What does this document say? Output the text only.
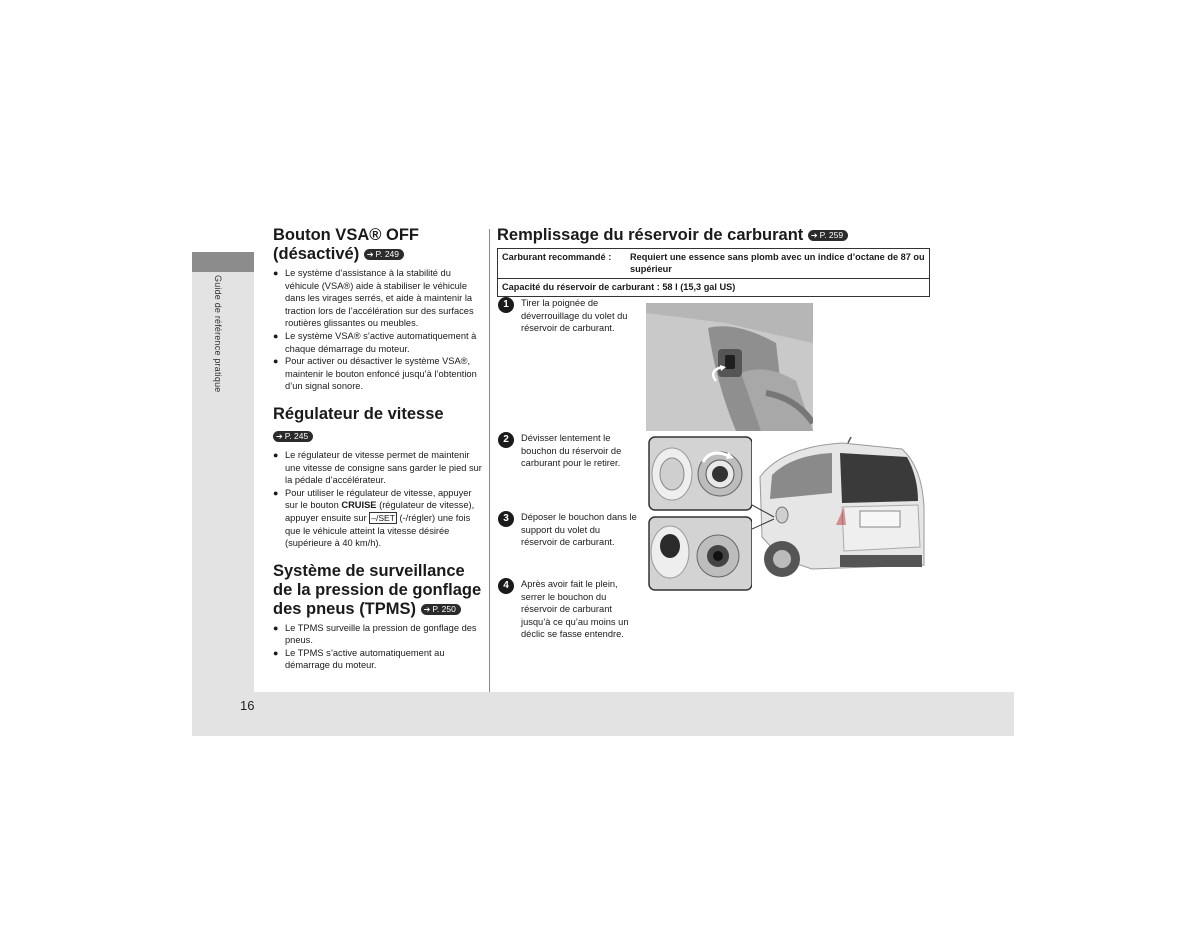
Guide de référence pratique
16
Bouton VSA® OFF
(désactivé) ➔ P. 249
● Le système d’assistance à la stabilité du véhicule (VSA®) aide à stabiliser le véhicule dans les virages serrés, et aide à maintenir la traction lors de l’accélération sur des surfaces routières glissantes ou meubles.
● Le système VSA® s’active automatiquement à chaque démarrage du moteur.
● Pour activer ou désactiver le système VSA®, maintenir le bouton enfoncé jusqu’à l’obtention d’un signal sonore.
Régulateur de vitesse
➔ P. 245
● Le régulateur de vitesse permet de maintenir une vitesse de consigne sans garder le pied sur la pédale d’accélérateur.
● Pour utiliser le régulateur de vitesse, appuyer sur le bouton CRUISE (régulateur de vitesse), appuyer ensuite sur –/SET (-/régler) une fois que le véhicule atteint la vitesse désirée (supérieure à 40 km/h).
Système de surveillance de la pression de gonflage des pneus (TPMS) ➔ P. 250
● Le TPMS surveille la pression de gonflage des pneus.
● Le TPMS s’active automatiquement au démarrage du moteur.
Remplissage du réservoir de carburant ➔ P. 259
Carburant recommandé :	Requiert une essence sans plomb avec un indice d’octane de 87 ou supérieur
Capacité du réservoir de carburant : 58 l (15,3 gal US)
1	Tirer la poignée de déverrouillage du volet du réservoir de carburant.
2	Dévisser lentement le bouchon du réservoir de carburant pour le retirer.
3	Déposer le bouchon dans le support du volet du réservoir de carburant.
4	Après avoir fait le plein, serrer le bouchon du réservoir de carburant jusqu’à ce qu’au moins un déclic se fasse entendre.
